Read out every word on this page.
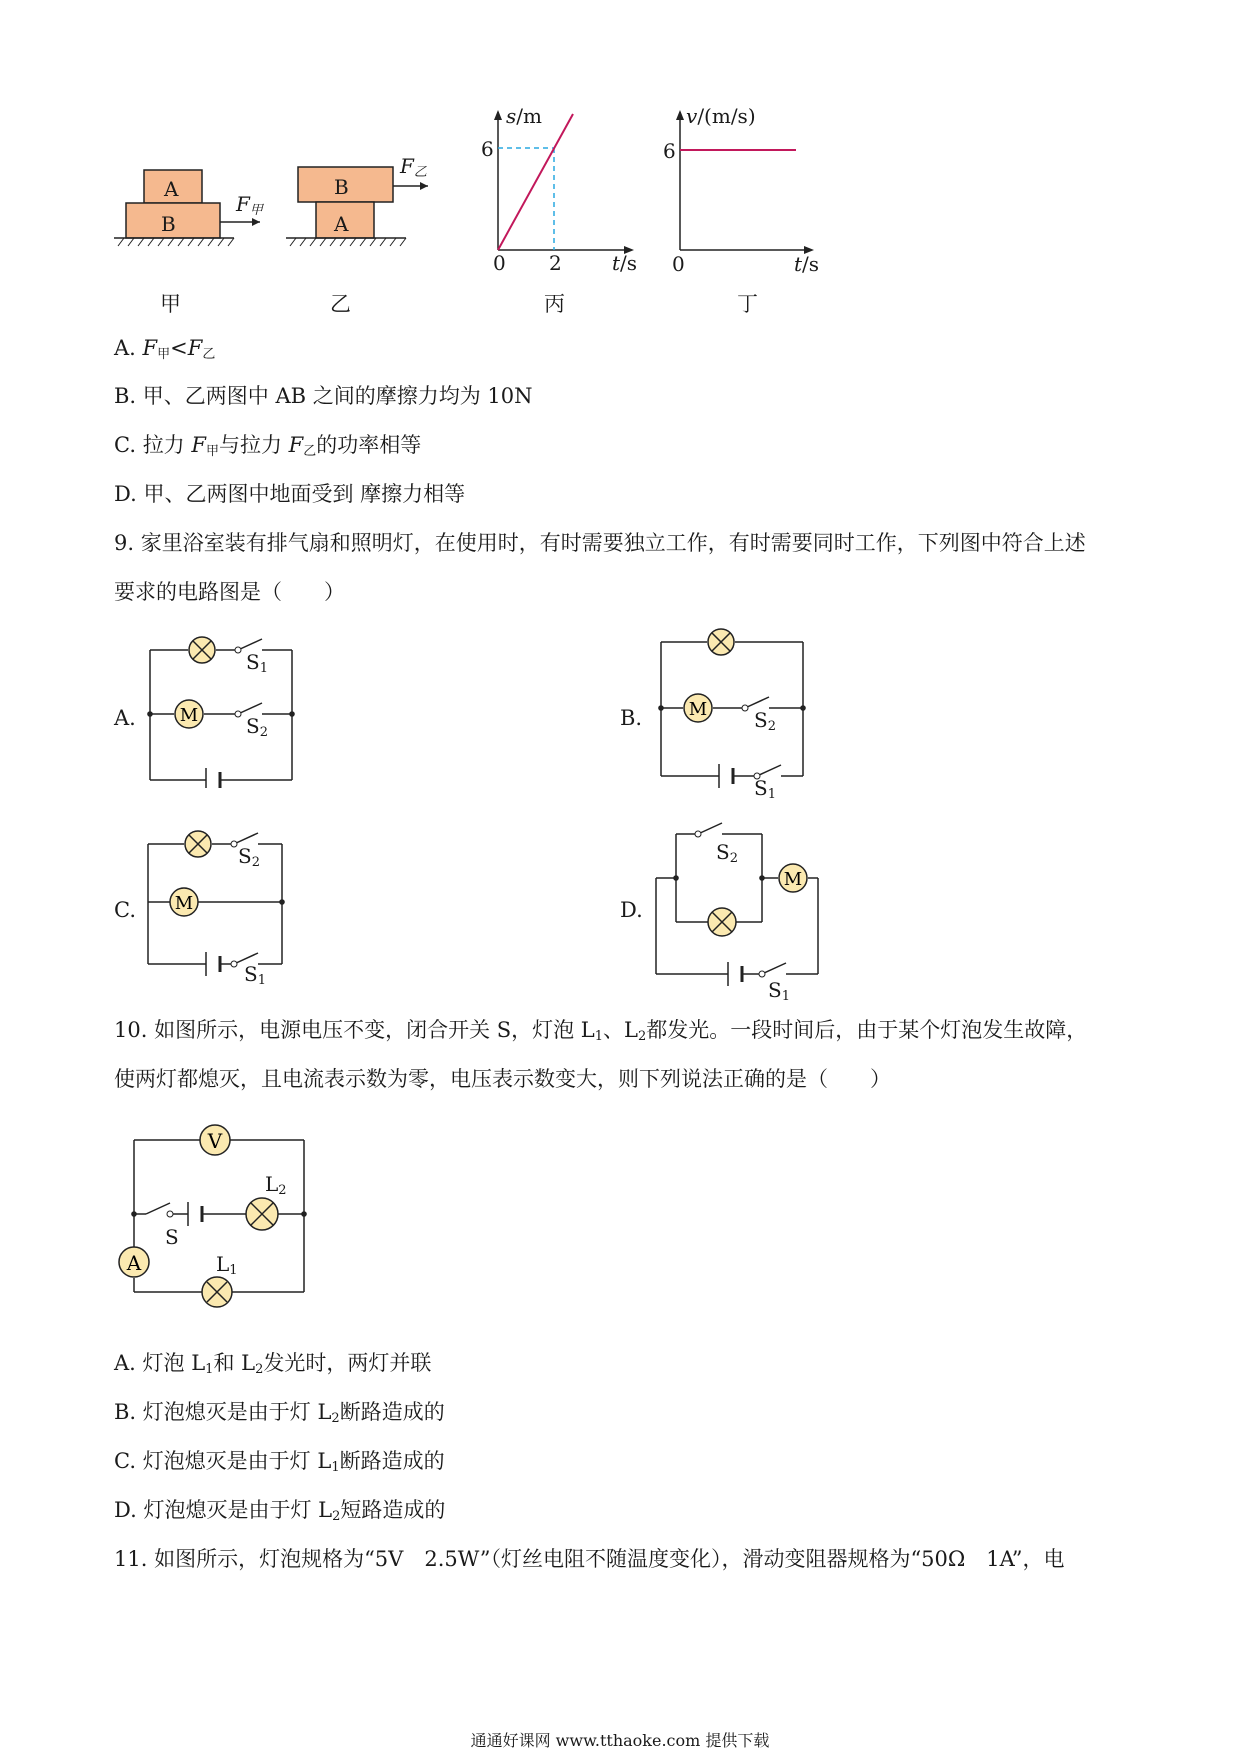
A
B
$F_甲$
B
A
$F_乙$
s/m
6
0 2	t/s
v/(m/s)
6
0	t/s
甲	乙	丙	丁
A. $F_甲<F_乙$
B. 甲、乙两图中 AB 之间的摩擦力均为 10N
C. 拉力 $F_甲$与拉力 $F_乙$的功率相等
D. 甲、乙两图中地面受到 摩擦力相等
9. 家里浴室装有排气扇和照明灯，在使用时，有时需要独立工作，有时需要同时工作，下列图中符合上述
要求的电路图是（　　）
A. M
$S_1$
$S_2$
B.	M $S_2$
$S_1$
C. M
$S_2$
$S_1$
D.
M
$S_2$
$S_1$
10. 如图所示，电源电压不变，闭合开关 S，灯泡 $L_1$、$L_2$都发光。一段时间后，由于某个灯泡发生故障，
使两灯都熄灭，且电流表示数为零，电压表示数变大，则下列说法正确的是（　　）
V
A
S
$L_2$
$L_1$
A. 灯泡 $L_1$和 $L_2$发光时，两灯并联
B. 灯泡熄灭是由于灯 $L_2$断路造成的
C. 灯泡熄灭是由于灯 $L_1$断路造成的
D. 灯泡熄灭是由于灯 $L_2$短路造成的
11. 如图所示，灯泡规格为“5V　2.5W”（灯丝电阻不随温度变化），滑动变阻器规格为“50Ω　1A”，电
通通好课网 www.tthaoke.com 提供下载
